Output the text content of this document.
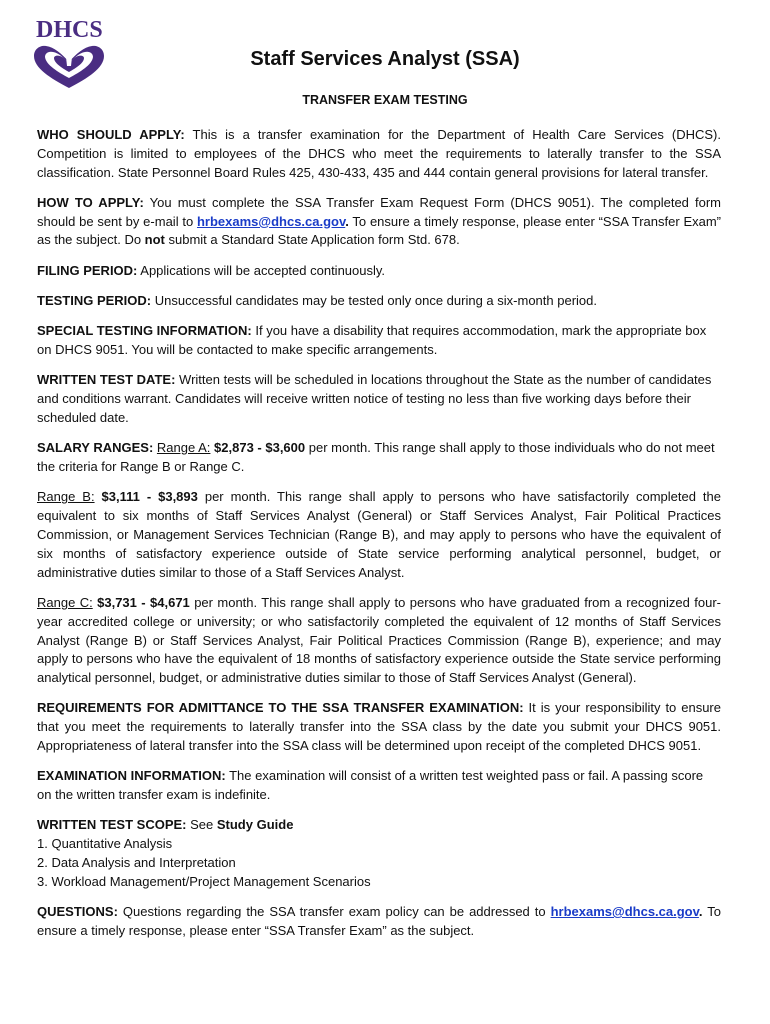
DHCS
Staff Services Analyst (SSA)
TRANSFER EXAM TESTING

WHO SHOULD APPLY: This is a transfer examination for the Department of Health Care Services (DHCS). Competition is limited to employees of the DHCS who meet the requirements to laterally transfer to the SSA classification. State Personnel Board Rules 425, 430-433, 435 and 444 contain general provisions for lateral transfer.

HOW TO APPLY: You must complete the SSA Transfer Exam Request Form (DHCS 9051). The completed form should be sent by e-mail to hrbexams@dhcs.ca.gov. To ensure a timely response, please enter “SSA Transfer Exam” as the subject. Do not submit a Standard State Application form Std. 678.

FILING PERIOD: Applications will be accepted continuously.

TESTING PERIOD: Unsuccessful candidates may be tested only once during a six-month period.

SPECIAL TESTING INFORMATION: If you have a disability that requires accommodation, mark the appropriate box on DHCS 9051. You will be contacted to make specific arrangements.

WRITTEN TEST DATE: Written tests will be scheduled in locations throughout the State as the number of candidates and conditions warrant. Candidates will receive written notice of testing no less than five working days before their scheduled date.

SALARY RANGES: Range A: $2,873 - $3,600 per month. This range shall apply to those individuals who do not meet the criteria for Range B or Range C.

Range B: $3,111 - $3,893 per month. This range shall apply to persons who have satisfactorily completed the equivalent to six months of Staff Services Analyst (General) or Staff Services Analyst, Fair Political Practices Commission, or Management Services Technician (Range B), and may apply to persons who have the equivalent of six months of satisfactory experience outside of State service performing analytical personnel, budget, or administrative duties similar to those of a Staff Services Analyst.

Range C: $3,731 - $4,671 per month. This range shall apply to persons who have graduated from a recognized four-year accredited college or university; or who satisfactorily completed the equivalent of 12 months of Staff Services Analyst (Range B) or Staff Services Analyst, Fair Political Practices Commission (Range B), experience; and may apply to persons who have the equivalent of 18 months of satisfactory experience outside the State service performing analytical personnel, budget, or administrative duties similar to those of Staff Services Analyst (General).

REQUIREMENTS FOR ADMITTANCE TO THE SSA TRANSFER EXAMINATION: It is your responsibility to ensure that you meet the requirements to laterally transfer into the SSA class by the date you submit your DHCS 9051. Appropriateness of lateral transfer into the SSA class will be determined upon receipt of the completed DHCS 9051.

EXAMINATION INFORMATION: The examination will consist of a written test weighted pass or fail. A passing score on the written transfer exam is indefinite.

WRITTEN TEST SCOPE: See Study Guide
1. Quantitative Analysis
2. Data Analysis and Interpretation
3. Workload Management/Project Management Scenarios

QUESTIONS: Questions regarding the SSA transfer exam policy can be addressed to hrbexams@dhcs.ca.gov. To ensure a timely response, please enter “SSA Transfer Exam” as the subject.
